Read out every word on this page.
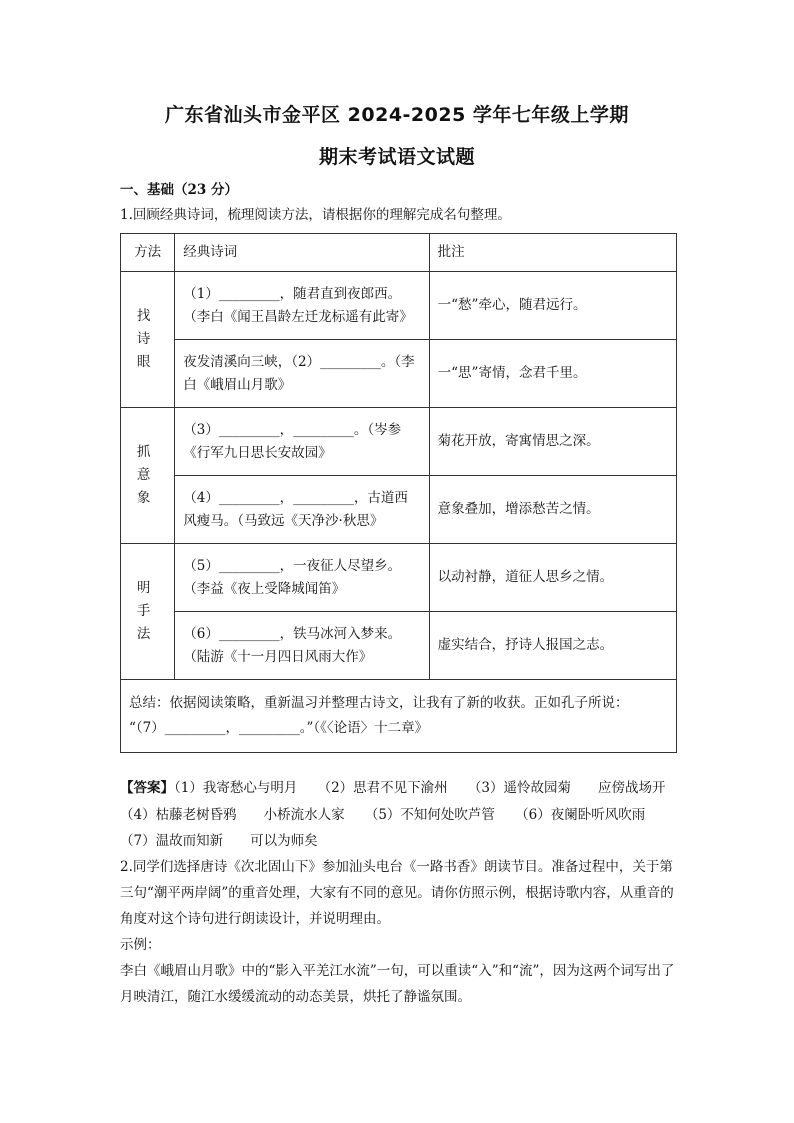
广东省汕头市金平区 2024-2025 学年七年级上学期
期末考试语文试题
一、基础（23 分）
1.回顾经典诗词，梳理阅读方法，请根据你的理解完成名句整理。
方法	经典诗词	批注
找诗眼	（1）_________，随君直到夜郎西。（李白《闻王昌龄左迁龙标遥有此寄》	一“愁”牵心，随君远行。
	夜发清溪向三峡，（2）_________。（李白《峨眉山月歌》	一“思”寄情，念君千里。
抓意象	（3）_________，_________。（岑参《行军九日思长安故园》	菊花开放，寄寓情思之深。
	（4）_________，_________，古道西风瘦马。（马致远《天净沙·秋思》	意象叠加，增添愁苦之情。
明手法	（5）_________，一夜征人尽望乡。（李益《夜上受降城闻笛》	以动衬静，道征人思乡之情。
	（6）_________，铁马冰河入梦来。（陆游《十一月四日风雨大作》	虚实结合，抒诗人报国之志。

总结：依据阅读策略，重新温习并整理古诗文，让我有了新的收获。正如孔子所说：
“（7）_________，_________。”（《〈论语〉十二章》		
【答案】（1）我寄愁心与明月　　（2）思君不见下渝州　　（3）遥怜故园菊　　应傍战场开　　（4）枯藤老树昏鸦　　小桥流水人家　　（5）不知何处吹芦管　　（6）夜阑卧听风吹雨　　（7）温故而知新　　可以为师矣
2.同学们选择唐诗《次北固山下》参加汕头电台《一路书香》朗读节目。准备过程中，关于第三句“潮平两岸阔”的重音处理，大家有不同的意见。请你仿照示例，根据诗歌内容，从重音的角度对这个诗句进行朗读设计，并说明理由。
示例：
李白《峨眉山月歌》中的“影入平羌江水流”一句，可以重读“入”和“流”，因为这两个词写出了月映清江，随江水缓缓流动的动态美景，烘托了静谧氛围。
